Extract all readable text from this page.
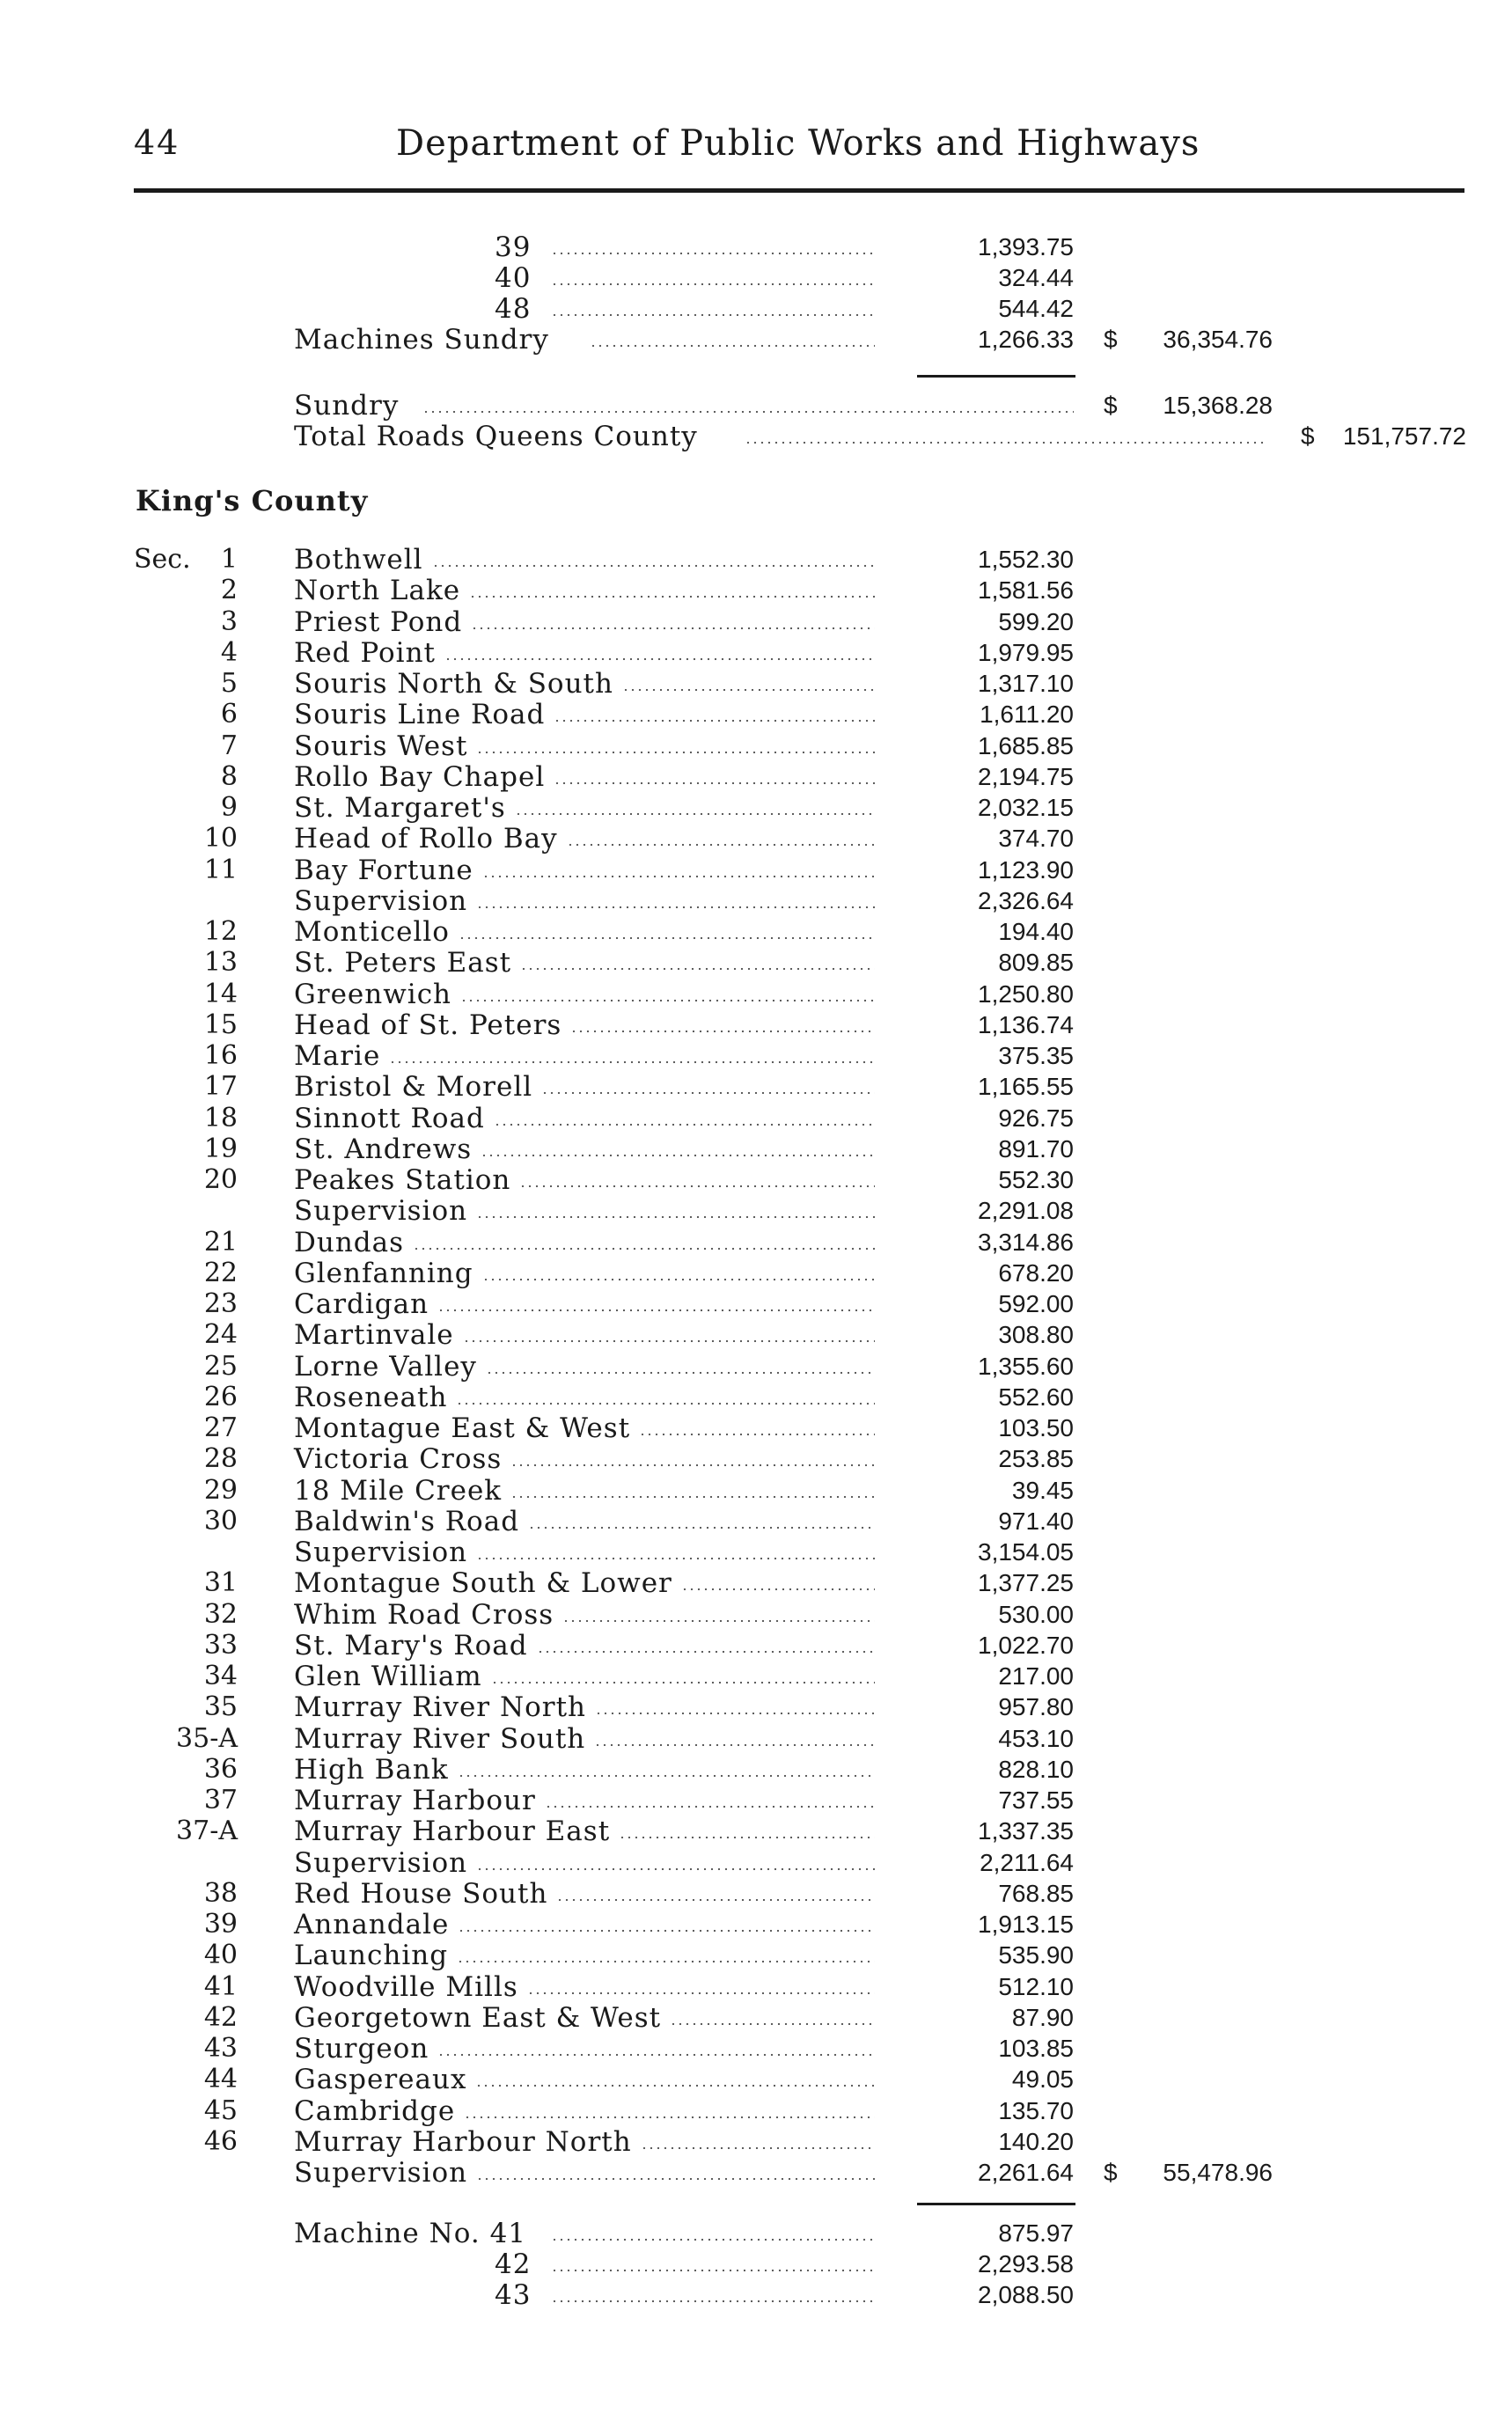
44	Department of Public Works and Highways
39	1,393.75
40	324.44
48	544.42
Machines Sundry	1,266.33 $	36,354.76
Sundry	$	15,368.28
Total Roads Queens County	$	151,757.72
King's County
Sec.	1 Bothwell	1,552.30
2 North Lake	1,581.56
3 Priest Pond	599.20
4 Red Point	1,979.95
5 Souris North & South	1,317.10
6 Souris Line Road	1,611.20
7 Souris West	1,685.85
8 Rollo Bay Chapel	2,194.75
9 St. Margaret's	2,032.15
10 Head of Rollo Bay	374.70
11 Bay Fortune	1,123.90
Supervision	2,326.64
12 Monticello	194.40
13 St. Peters East	809.85
14 Greenwich	1,250.80
15 Head of St. Peters	1,136.74
16 Marie	375.35
17 Bristol & Morell	1,165.55
18 Sinnott Road	926.75
19 St. Andrews	891.70
20 Peakes Station	552.30
Supervision	2,291.08
21 Dundas	3,314.86
22 Glenfanning	678.20
23 Cardigan	592.00
24 Martinvale	308.80
25 Lorne Valley	1,355.60
26 Roseneath	552.60
27 Montague East & West	103.50
28 Victoria Cross	253.85
29 18 Mile Creek	39.45
30 Baldwin's Road	971.40
Supervision	3,154.05
31 Montague South & Lower	1,377.25
32 Whim Road Cross	530.00
33 St. Mary's Road	1,022.70
34 Glen William	217.00
35 Murray River North	957.80
35-A Murray River South	453.10
36 High Bank	828.10
37 Murray Harbour	737.55
37-A Murray Harbour East	1,337.35
Supervision	2,211.64
38 Red House South	768.85
39 Annandale	1,913.15
40 Launching	535.90
41 Woodville Mills	512.10
42 Georgetown East & West	87.90
43 Sturgeon	103.85
44 Gaspereaux	49.05
45 Cambridge	135.70
46 Murray Harbour North	140.20
Supervision	2,261.64 $	55,478.96
Machine No. 41	875.97
42	2,293.58
43	2,088.50
